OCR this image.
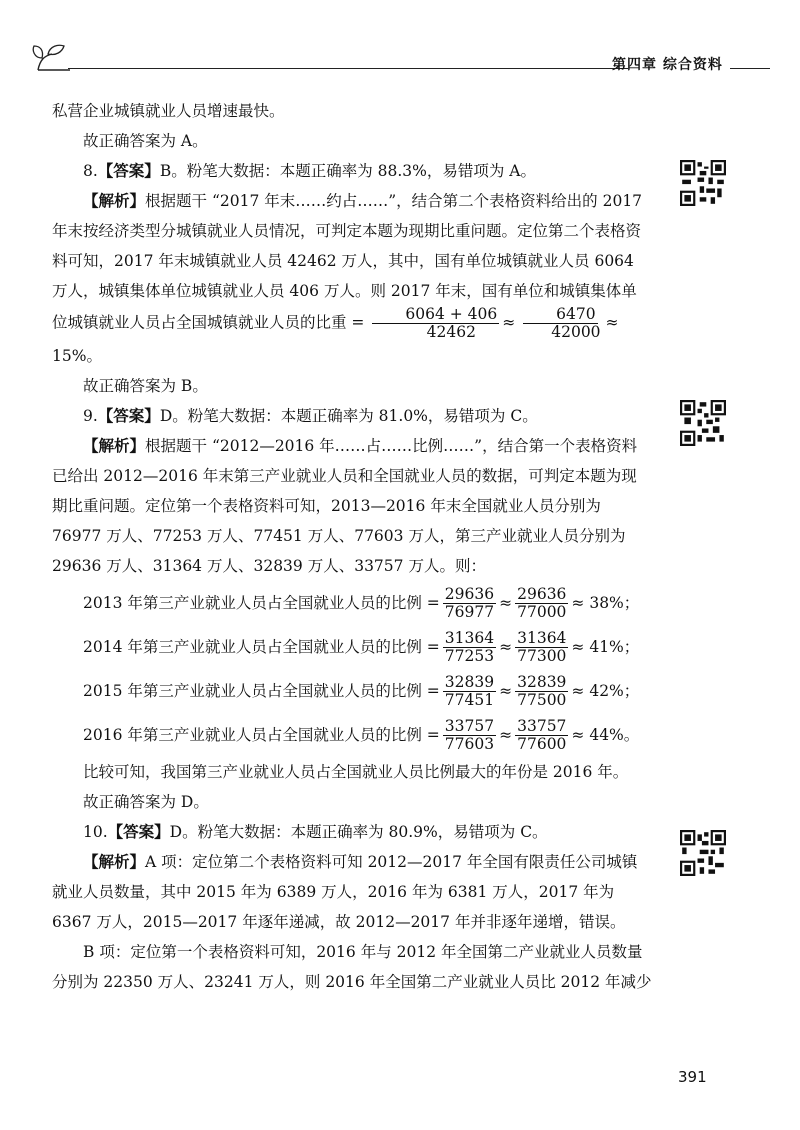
第四章 综合资料

私营企业城镇就业人员增速最快。

故正确答案为 A。

8.【答案】B。粉笔大数据：本题正确率为 88.3%，易错项为 A。

【解析】根据题干 “2017 年末……约占……”，结合第二个表格资料给出的 2017 年末按经济类型分城镇就业人员情况，可判定本题为现期比重问题。定位第二个表格资料可知，2017 年末城镇就业人员 42462 万人，其中，国有单位城镇就业人员 6064 万人，城镇集体单位城镇就业人员 406 万人。则 2017 年末，国有单位和城镇集体单位城镇就业人员占全国城镇就业人员的比重 = $\frac{6064 + 406}{42462} \approx \frac{6470}{42000} \approx 15\%$。

故正确答案为 B。

9.【答案】D。粉笔大数据：本题正确率为 81.0%，易错项为 C。

【解析】根据题干 “2012—2016 年……占……比例……”，结合第一个表格资料已给出 2012—2016 年末第三产业就业人员和全国就业人员的数据，可判定本题为现期比重问题。定位第一个表格资料可知，2013—2016 年末全国就业人员分别为 76977 万人、77253 万人、77451 万人、77603 万人，第三产业就业人员分别为 29636 万人、31364 万人、32839 万人、33757 万人。则：

2013 年第三产业就业人员占全国就业人员的比例 = $\frac{29636}{76977} \approx \frac{29636}{77000} \approx 38\%$；
2014 年第三产业就业人员占全国就业人员的比例 = $\frac{31364}{77253} \approx \frac{31364}{77300} \approx 41\%$；
2015 年第三产业就业人员占全国就业人员的比例 = $\frac{32839}{77451} \approx \frac{32839}{77500} \approx 42\%$；
2016 年第三产业就业人员占全国就业人员的比例 = $\frac{33757}{77603} \approx \frac{33757}{77600} \approx 44\%$。

比较可知，我国第三产业就业人员占全国就业人员比例最大的年份是 2016 年。

故正确答案为 D。

10.【答案】D。粉笔大数据：本题正确率为 80.9%，易错项为 C。

【解析】A 项：定位第二个表格资料可知 2012—2017 年全国有限责任公司城镇就业人员数量，其中 2015 年为 6389 万人，2016 年为 6381 万人，2017 年为 6367 万人，2015—2017 年逐年递减，故 2012—2017 年并非逐年递增，错误。

B 项：定位第一个表格资料可知，2016 年与 2012 年全国第二产业就业人员数量分别为 22350 万人、23241 万人，则 2016 年全国第二产业就业人员比 2012 年减少

391
